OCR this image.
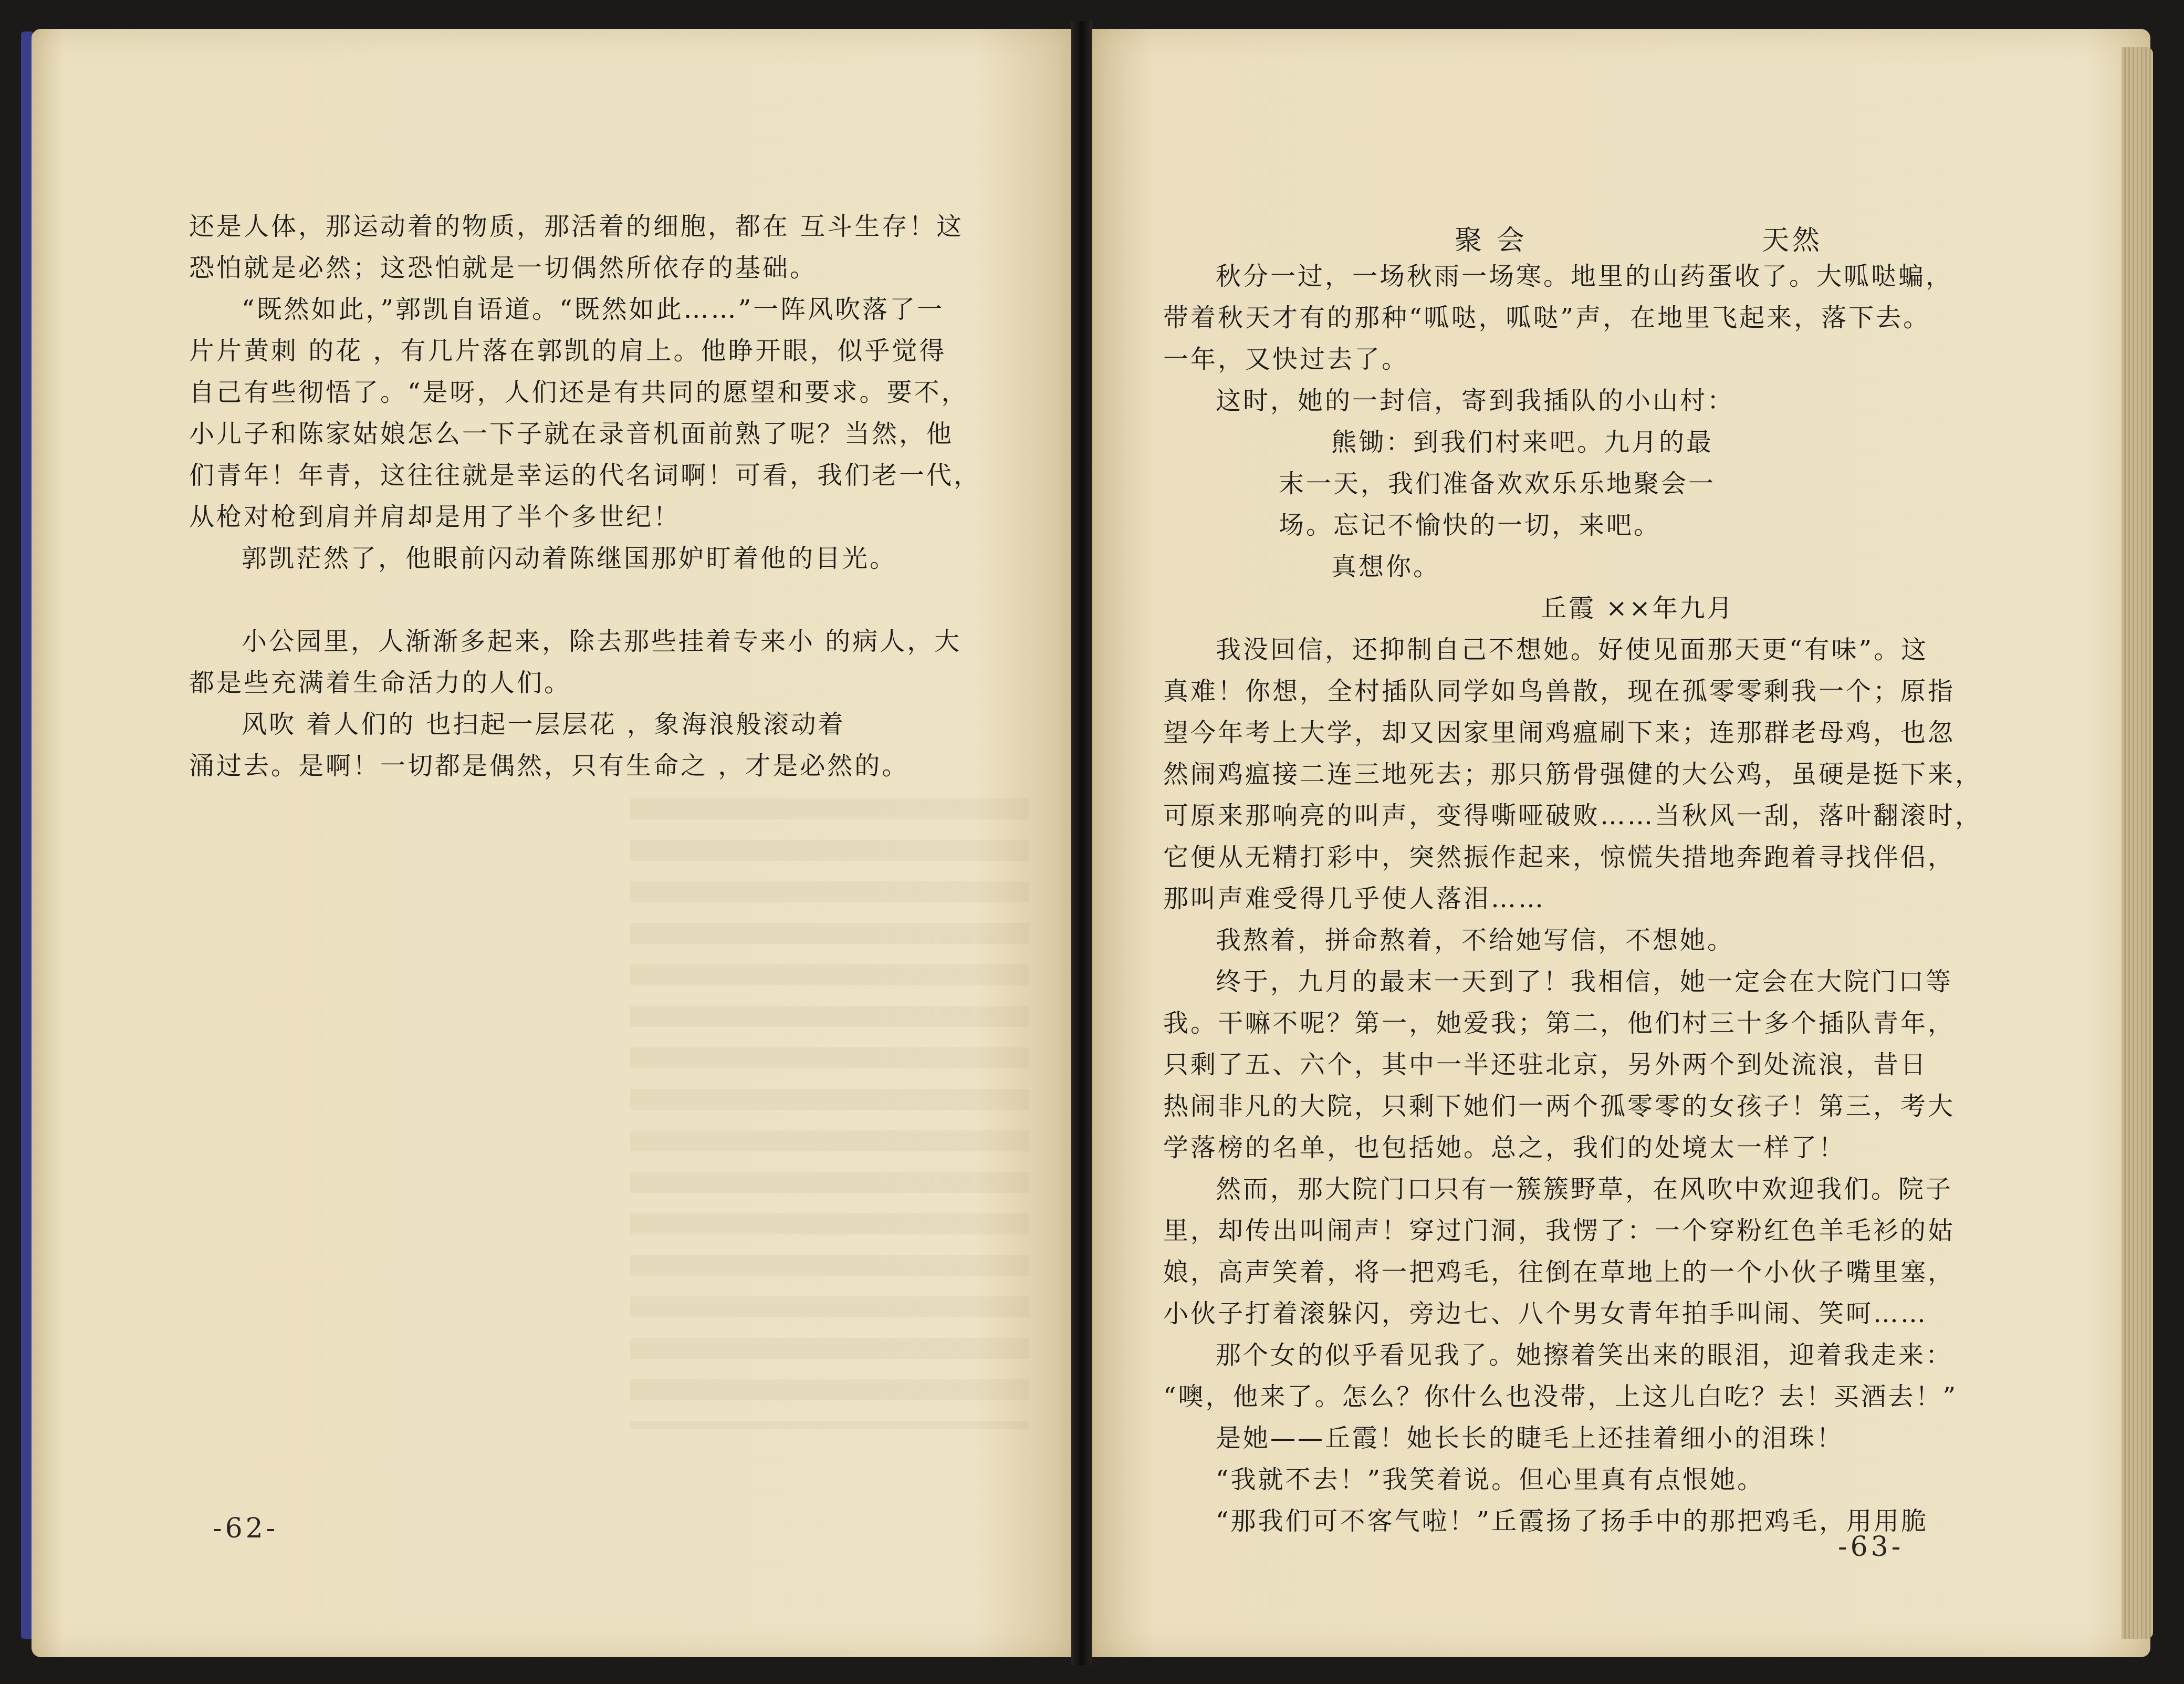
还是人体，那运动着的物质，那活着的细胞，都在 互斗生存！这

恐怕就是必然；这恐怕就是一切偶然所依存的基础。

“既然如此，”郭凯自语道。“既然如此……”一阵风吹落了一

片片黄刺 的花 ，有几片落在郭凯的肩上。他睁开眼，似乎觉得

自己有些彻悟了。“是呀，人们还是有共同的愿望和要求。要不，

小儿子和陈家姑娘怎么一下子就在录音机面前熟了呢？当然，他

们青年！年青，这往往就是幸运的代名词啊！可看，我们老一代，

从枪对枪到肩并肩却是用了半个多世纪！

郭凯茫然了，他眼前闪动着陈继国那妒盯着他的目光。

小公园里，人渐渐多起来，除去那些挂着专来小 的病人，大

都是些充满着生命活力的人们。

风吹 着人们的 也扫起一层层花 ，象海浪般滚动着

涌过去。是啊！一切都是偶然，只有生命之 ，才是必然的。

-62-
聚 会	天然

秋分一过，一场秋雨一场寒。地里的山药蛋收了。大呱哒蝙，

带着秋天才有的那种“呱哒，呱哒”声，在地里飞起来，落下去。

一年，又快过去了。

这时，她的一封信，寄到我插队的小山村：

熊锄：到我们村来吧。九月的最

末一天，我们准备欢欢乐乐地聚会一

场。忘记不愉快的一切，来吧。

真想你。

丘霞 ××年九月

我没回信，还抑制自己不想她。好使见面那天更“有味”。这

真难！你想，全村插队同学如鸟兽散，现在孤零零剩我一个；原指

望今年考上大学，却又因家里闹鸡瘟刷下来；连那群老母鸡，也忽

然闹鸡瘟接二连三地死去；那只筋骨强健的大公鸡，虽硬是挺下来，

可原来那响亮的叫声，变得嘶哑破败……当秋风一刮，落叶翻滚时，

它便从无精打彩中，突然振作起来，惊慌失措地奔跑着寻找伴侣，

那叫声难受得几乎使人落泪……

我熬着，拼命熬着，不给她写信，不想她。

终于，九月的最末一天到了！我相信，她一定会在大院门口等

我。干嘛不呢？第一，她爱我；第二，他们村三十多个插队青年，

只剩了五、六个，其中一半还驻北京，另外两个到处流浪，昔日

热闹非凡的大院，只剩下她们一两个孤零零的女孩子！第三，考大

学落榜的名单，也包括她。总之，我们的处境太一样了！

然而，那大院门口只有一簇簇野草，在风吹中欢迎我们。院子

里，却传出叫闹声！穿过门洞，我愣了：一个穿粉红色羊毛衫的姑

娘，高声笑着，将一把鸡毛，往倒在草地上的一个小伙子嘴里塞，

小伙子打着滚躲闪，旁边七、八个男女青年拍手叫闹、笑呵……

那个女的似乎看见我了。她擦着笑出来的眼泪，迎着我走来：

“噢，他来了。怎么？你什么也没带，上这儿白吃？去！买酒去！”

是她——丘霞！她长长的睫毛上还挂着细小的泪珠！

“我就不去！”我笑着说。但心里真有点恨她。

“那我们可不客气啦！”丘霞扬了扬手中的那把鸡毛，用用脆

-63-
